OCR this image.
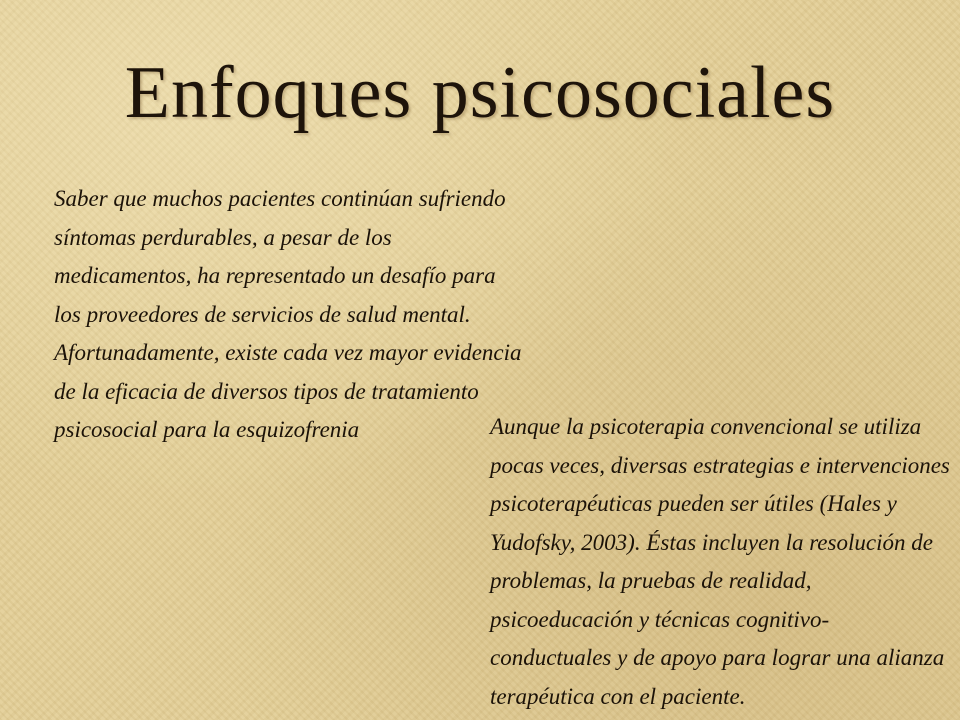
Enfoques psicosociales

Saber que muchos pacientes continúan sufriendo síntomas perdurables, a pesar de los medicamentos, ha representado un desafío para los proveedores de servicios de salud mental. Afortunadamente, existe cada vez mayor evidencia de la eficacia de diversos tipos de tratamiento psicosocial para la esquizofrenia	Aunque la psicoterapia convencional se utiliza pocas veces, diversas estrategias e intervenciones psicoterapéuticas pueden ser útiles (Hales y Yudofsky, 2003). Éstas incluyen la resolución de problemas, la pruebas de realidad, psicoeducación y técnicas cognitivo-conductuales y de apoyo para lograr una alianza terapéutica con el paciente.
